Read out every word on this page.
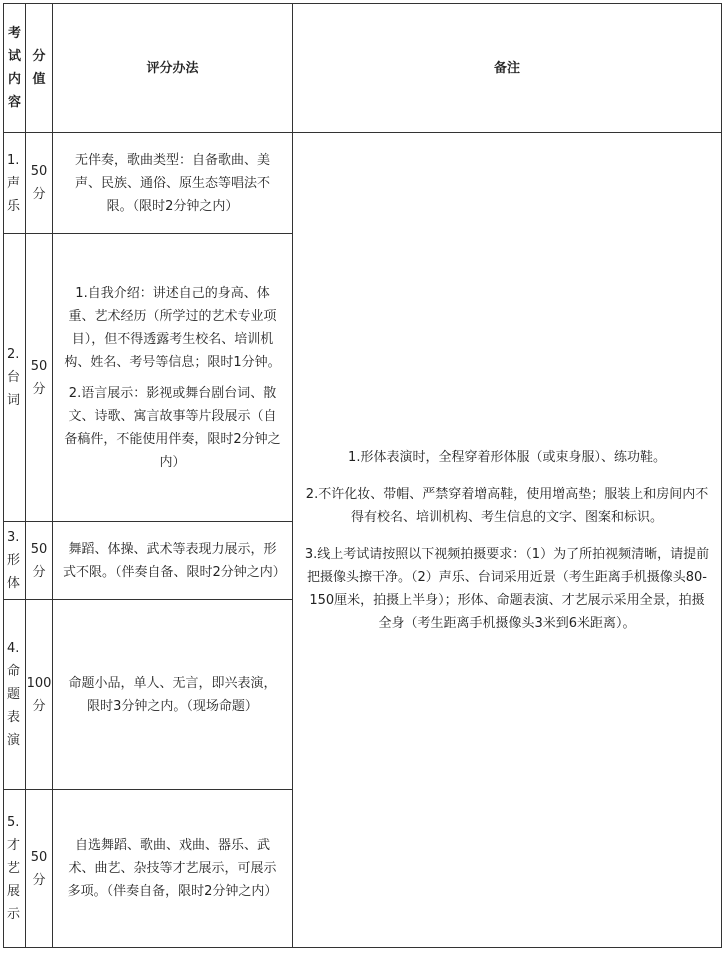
考试内容	分值	评分办法	备注

1.声乐	50分	无伴奏，歌曲类型：自备歌曲、美声、民族、通俗、原生态等唱法不限。（限时2分钟之内）	1.形体表演时，全程穿着形体服（或束身服）、练功鞋。

2.不许化妆、带帽、严禁穿着增高鞋，使用增高垫；服装上和房间内不得有校名、培训机构、考生信息的文字、图案和标识。

3.线上考试请按照以下视频拍摄要求：（1）为了所拍视频清晰，请提前把摄像头擦干净。（2）声乐、台词采用近景（考生距离手机摄像头80-150厘米，拍摄上半身）；形体、命题表演、才艺展示采用全景，拍摄全身（考生距离手机摄像头3米到6米距离）。

2.台词	50分	1.自我介绍：讲述自己的身高、体重、艺术经历（所学过的艺术专业项目），但不得透露考生校名、培训机构、姓名、考号等信息；限时1分钟。

2.语言展示：影视或舞台剧台词、散文、诗歌、寓言故事等片段展示（自备稿件，不能使用伴奏，限时2分钟之内）	

3.形体	50分	舞蹈、体操、武术等表现力展示，形式不限。（伴奏自备、限时2分钟之内）	

4.命题表演	100分	命题小品，单人、无言，即兴表演，限时3分钟之内。（现场命题）	

5.才艺展示	50分	自选舞蹈、歌曲、戏曲、器乐、武术、曲艺、杂技等才艺展示，可展示多项。（伴奏自备，限时2分钟之内）	
